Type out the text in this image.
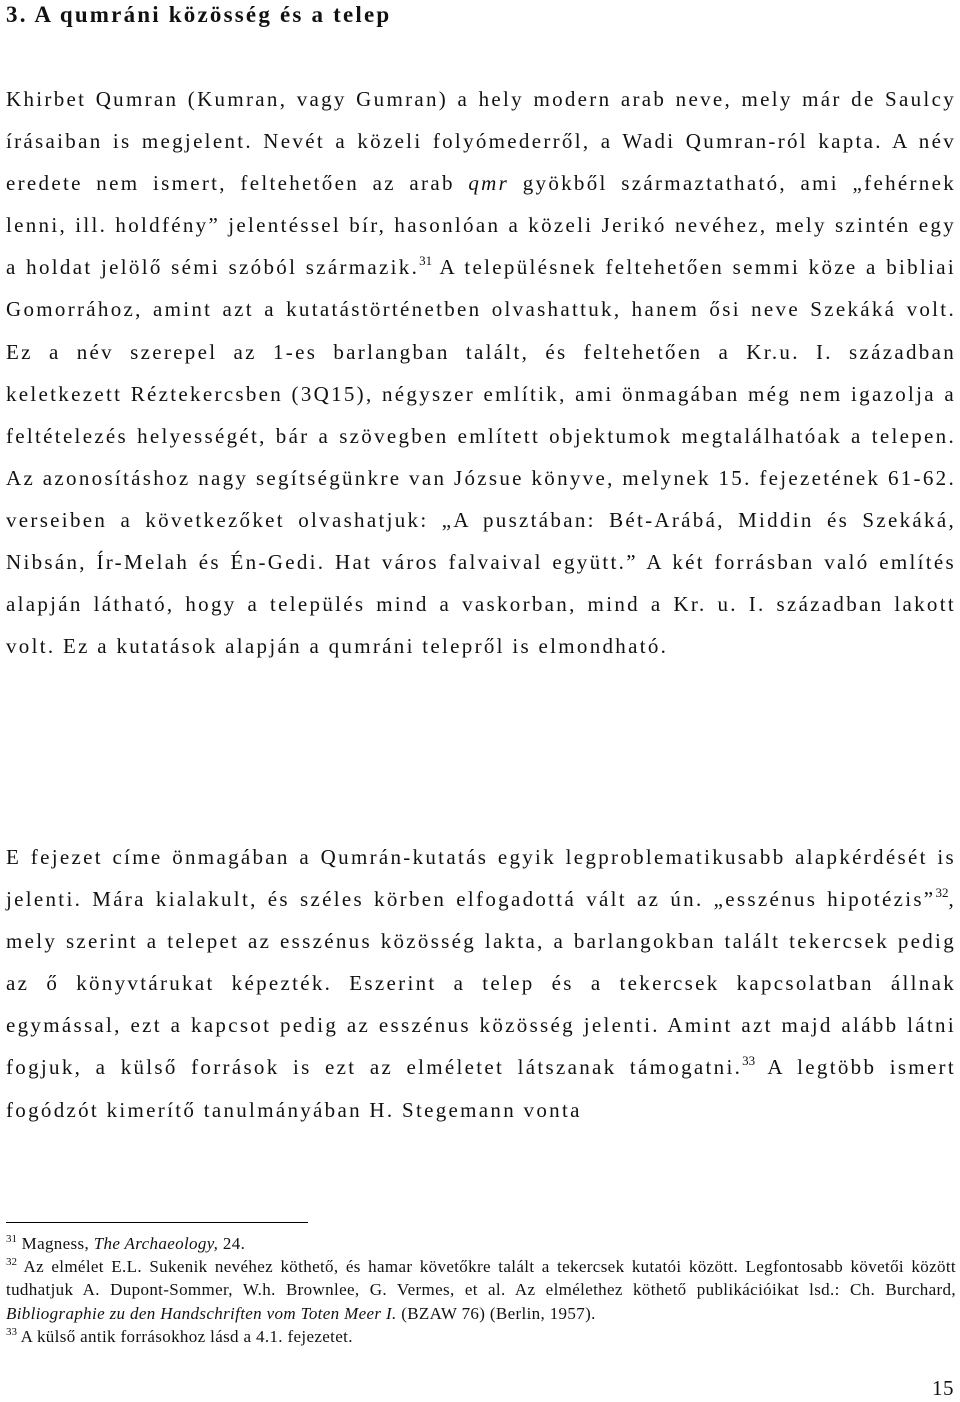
3. A qumráni közösség és a telep

Khirbet Qumran (Kumran, vagy Gumran) a hely modern arab neve, mely már de Saulcy írásaiban is megjelent. Nevét a közeli folyómederről, a Wadi Qumran-ról kapta. A név eredete nem ismert, feltehetően az arab qmr gyökből származtatható, ami „fehérnek lenni, ill. holdfény” jelentéssel bír, hasonlóan a közeli Jerikó nevéhez, mely szintén egy a holdat jelölő sémi szóból származik.$^{31}$ A településnek feltehetően semmi köze a bibliai Gomorrához, amint azt a kutatástörténetben olvashattuk, hanem ősi neve Szekáká volt. Ez a név szerepel az 1-es barlangban talált, és feltehetően a Kr.u. I. században keletkezett Réztekercsben (3Q15), négyszer említik, ami önmagában még nem igazolja a feltételezés helyességét, bár a szövegben említett objektumok megtalálhatóak a telepen. Az azonosításhoz nagy segítségünkre van Józsue könyve, melynek 15. fejezetének 61-62. verseiben a következőket olvashatjuk: „A pusztában: Bét-Arábá, Middin és Szekáká, Nibsán, Ír-Melah és Én-Gedi. Hat város falvaival együtt.” A két forrásban való említés alapján látható, hogy a település mind a vaskorban, mind a Kr. u. I. században lakott volt. Ez a kutatások alapján a qumráni telepről is elmondható.

E fejezet címe önmagában a Qumrán-kutatás egyik legproblematikusabb alapkérdését is jelenti. Mára kialakult, és széles körben elfogadottá vált az ún. „esszénus hipotézis”$^{32}$, mely szerint a telepet az esszénus közösség lakta, a barlangokban talált tekercsek pedig az ő könyvtárukat képezték. Eszerint a telep és a tekercsek kapcsolatban állnak egymással, ezt a kapcsot pedig az esszénus közösség jelenti. Amint azt majd alább látni fogjuk, a külső források is ezt az elméletet látszanak támogatni.$^{33}$ A legtöbb ismert fogódzót kimerítő tanulmányában H. Stegemann vonta

$^{31}$ Magness, The Archaeology, 24.

$^{32}$ Az elmélet E.L. Sukenik nevéhez köthető, és hamar követőkre talált a tekercsek kutatói között. Legfontosabb követői között tudhatjuk A. Dupont-Sommer, W.h. Brownlee, G. Vermes, et al. Az elmélethez köthető publikációikat lsd.: Ch. Burchard, Bibliographie zu den Handschriften vom Toten Meer I. (BZAW 76) (Berlin, 1957).

$^{33}$ A külső antik forrásokhoz lásd a 4.1. fejezetet.

15
